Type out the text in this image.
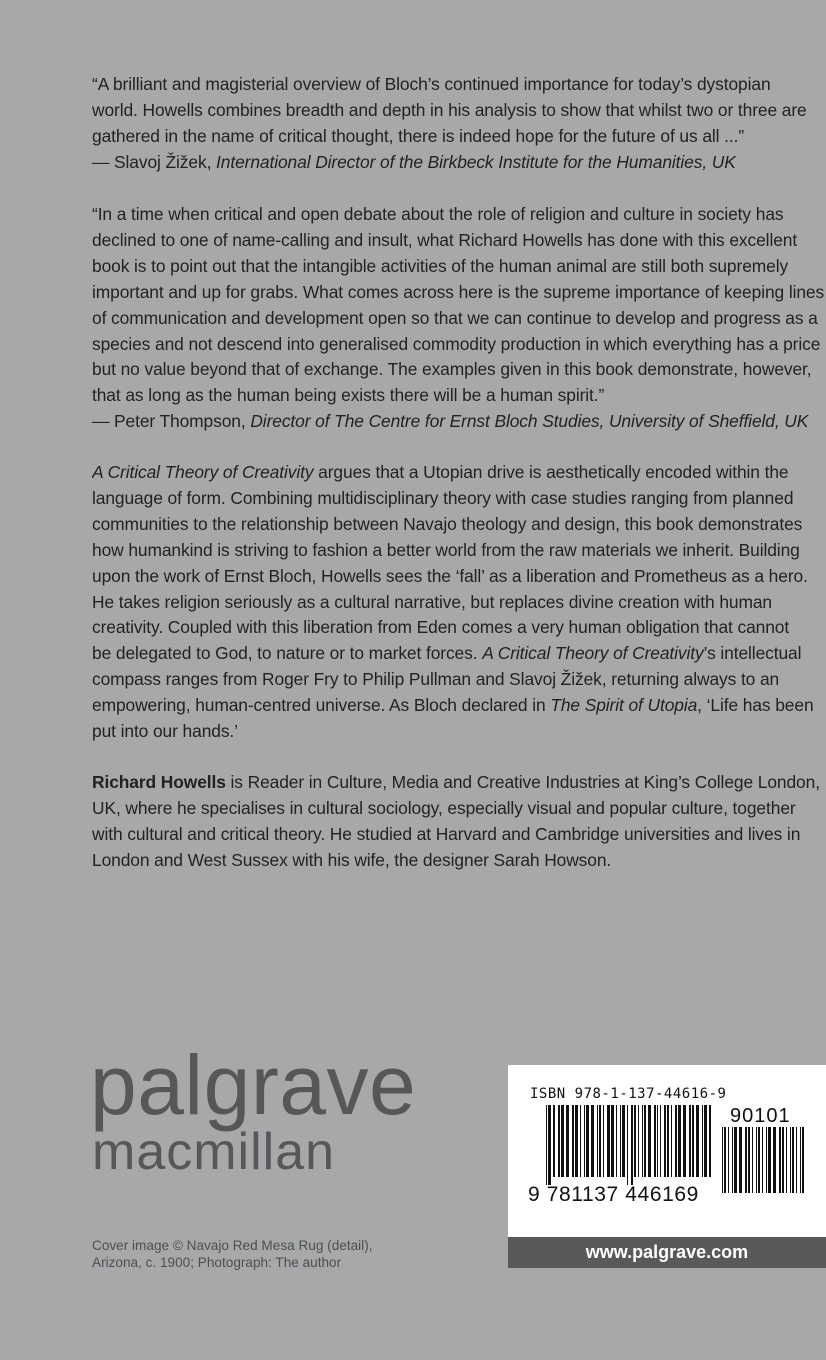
“A brilliant and magisterial overview of Bloch’s continued importance for today’s dystopian
world. Howells combines breadth and depth in his analysis to show that whilst two or three are
gathered in the name of critical thought, there is indeed hope for the future of us all ...”
— Slavoj Žižek, International Director of the Birkbeck Institute for the Humanities, UK
“In a time when critical and open debate about the role of religion and culture in society has
declined to one of name-calling and insult, what Richard Howells has done with this excellent
book is to point out that the intangible activities of the human animal are still both supremely
important and up for grabs. What comes across here is the supreme importance of keeping lines
of communication and development open so that we can continue to develop and progress as a
species and not descend into generalised commodity production in which everything has a price
but no value beyond that of exchange. The examples given in this book demonstrate, however,
that as long as the human being exists there will be a human spirit.”
— Peter Thompson, Director of The Centre for Ernst Bloch Studies, University of Sheffield, UK
A Critical Theory of Creativity argues that a Utopian drive is aesthetically encoded within the
language of form. Combining multidisciplinary theory with case studies ranging from planned
communities to the relationship between Navajo theology and design, this book demonstrates
how humankind is striving to fashion a better world from the raw materials we inherit. Building
upon the work of Ernst Bloch, Howells sees the ‘fall’ as a liberation and Prometheus as a hero.
He takes religion seriously as a cultural narrative, but replaces divine creation with human
creativity. Coupled with this liberation from Eden comes a very human obligation that cannot
be delegated to God, to nature or to market forces. A Critical Theory of Creativity’s intellectual
compass ranges from Roger Fry to Philip Pullman and Slavoj Žižek, returning always to an
empowering, human-centred universe. As Bloch declared in The Spirit of Utopia, ‘Life has been
put into our hands.’
Richard Howells is Reader in Culture, Media and Creative Industries at King’s College London,
UK, where he specialises in cultural sociology, especially visual and popular culture, together
with cultural and critical theory. He studied at Harvard and Cambridge universities and lives in
London and West Sussex with his wife, the designer Sarah Howson.
palgrave
macmillan
Cover image © Navajo Red Mesa Rug (detail),
Arizona, c. 1900; Photograph: The author
ISBN 978-1-137-44616-9
90101
9 781137 446169
www.palgrave.com
